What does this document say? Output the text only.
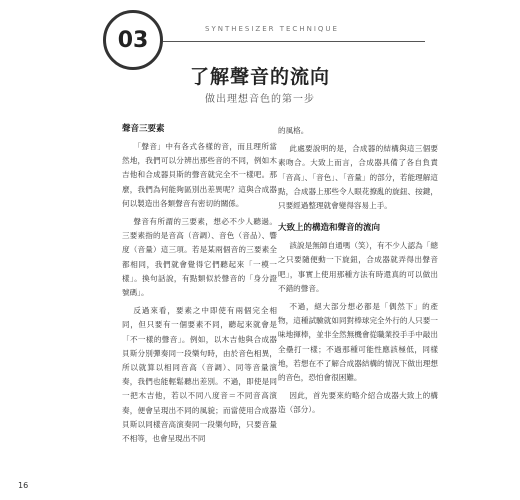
03	SYNTHESIZER TECHNIQUE
了解聲音的流向
做出理想音色的第一步
聲音三要素

「聲音」中有各式各樣的音，而且理所當然地，我們可以分辨出那些音的不同，例如木吉他和合成器貝斯的聲音就完全不一樣吧。那麼，我們為何能夠區別出差異呢？這與合成器何以製造出各類聲音有密切的關係。

聲音有所謂的三要素，想必不少人聽過。三要素指的是音高（音調）、音色（音品）、響度（音量）這三項。若是某兩個音的三要素全都相同，我們就會覺得它們聽起來「一模一樣」。換句話說，有點類似於聲音的「身分證號碼」。

反過來看，要素之中即使有兩個完全相同，但只要有一個要素不同，聽起來就會是「不一樣的聲音」。例如，以木吉他與合成器貝斯分別彈奏同一段樂句時，由於音色相異，所以就算以相同音高（音調）、同等音量演奏，我們也能輕鬆聽出差別。不過，即使是同一把木吉他，若以不同八度音＝不同音高演奏，便會呈現出不同的風貌；而當使用合成器貝斯以同樣音高演奏同一段樂句時，只要音量不相等，也會呈現出不同

的風格。

此處要說明的是，合成器的結構與這三個要素吻合。大致上而言，合成器具備了各自負責「音高」、「音色」、「音量」的部分，若能理解這點，合成器上那些令人眼花撩亂的旋鈕、按鍵，只要經過整理就會變得容易上手。

大致上的構造和聲音的流向

該說是無師自通嗎（笑），有不少人認為「總之只要隨便動一下旋鈕，合成器就弄得出聲音吧」，事實上使用那種方法有時還真的可以做出不錯的聲音。

不過，絕大部分想必都是「偶然下」的產物，這種試驗就如同對棒球完全外行的人只要一味地揮棒，並非全然無機會從職業投手手中敲出全壘打一樣；不過那種可能性應該極低，同樣地，若想在不了解合成器結構的情況下做出理想的音色，恐怕會很困難。

因此，首先要來約略介紹合成器大致上的構造（部分）。

16
